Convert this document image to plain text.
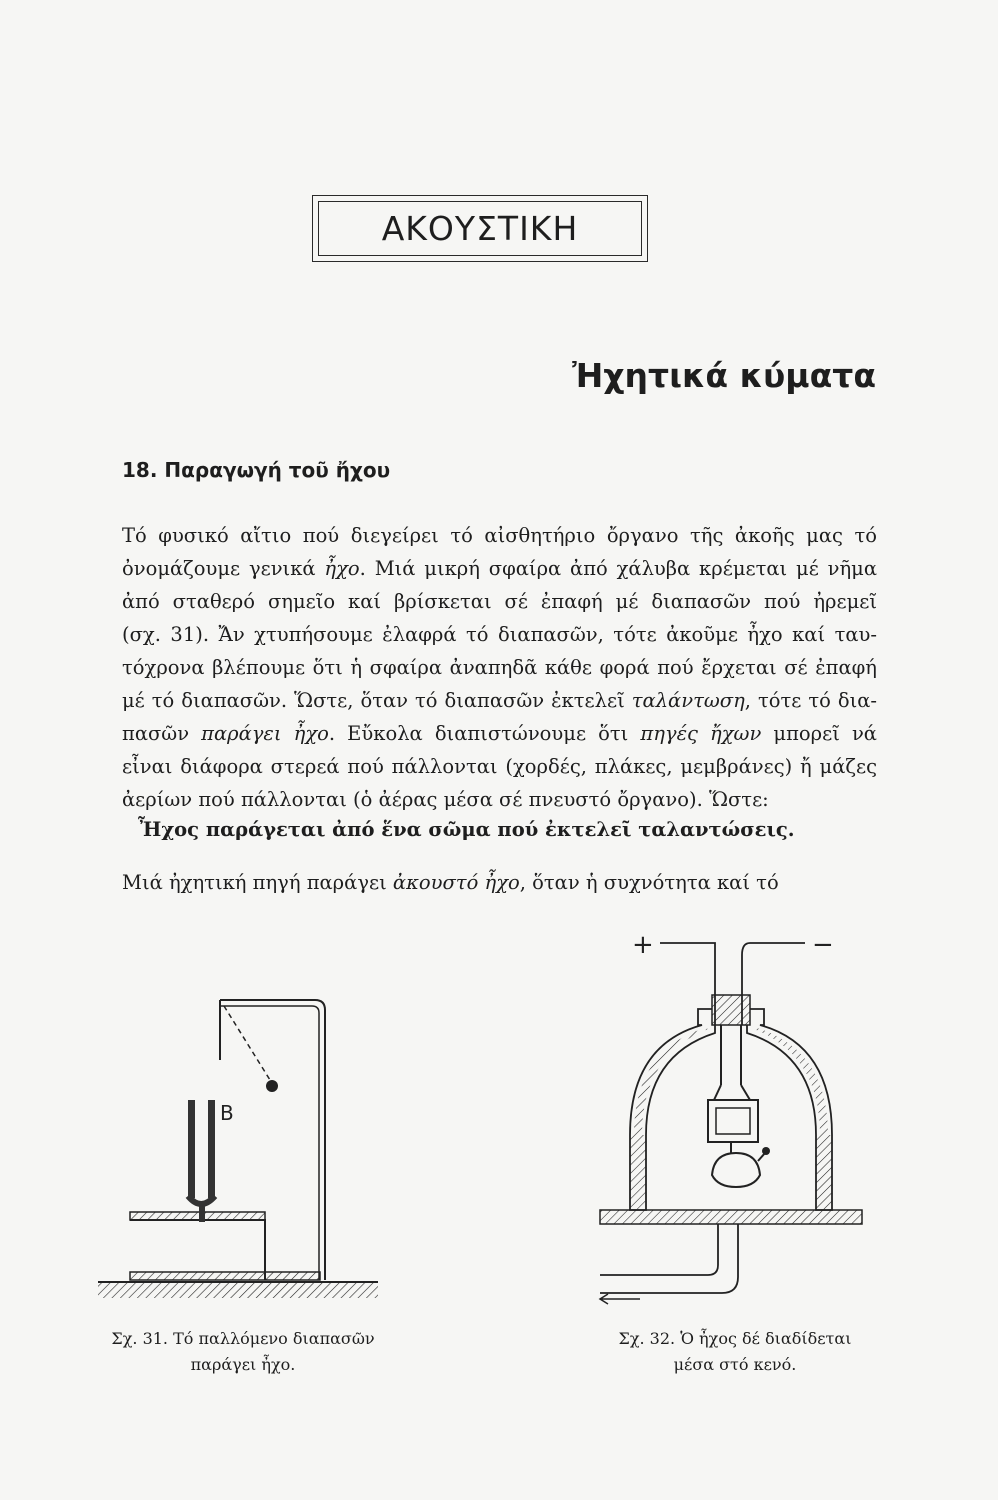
ΑΚΟΥΣΤΙΚΗ
Ἠχητικά κύματα
18. Παραγωγή τοῦ ἤχου
Τό φυσικό αἴτιο πού διεγείρει τό αἰσθητήριο ὄργανο τῆς ἀκοῆς μας τό
ὀνομάζουμε γενικά ἦχο. Μιά μικρή σφαίρα ἀπό χάλυβα κρέμεται μέ νῆμα
ἀπό σταθερό σημεῖο καί βρίσκεται σέ ἐπαφή μέ διαπασῶν πού ἠρεμεῖ
(σχ. 31). Ἄν χτυπήσουμε ἐλαφρά τό διαπασῶν, τότε ἀκοῦμε ἦχο καί ταυ-
τόχρονα βλέπουμε ὅτι ἡ σφαίρα ἀναπηδᾶ κάθε φορά πού ἔρχεται σέ ἐπαφή
μέ τό διαπασῶν. Ὥστε, ὅταν τό διαπασῶν ἐκτελεῖ ταλάντωση, τότε τό δια-
πασῶν παράγει ἦχο. Εὔκολα διαπιστώνουμε ὅτι πηγές ἤχων μπορεῖ νά
εἶναι διάφορα στερεά πού πάλλονται (χορδές, πλάκες, μεμβράνες) ἤ μάζες
ἀερίων πού πάλλονται (ὁ ἀέρας μέσα σέ πνευστό ὄργανο). Ὥστε:
Ἦχος παράγεται ἀπό ἕνα σῶμα πού ἐκτελεῖ ταλαντώσεις.
Μιά ἠχητική πηγή παράγει ἀκουστό ἦχο, ὅταν ἡ συχνότητα καί τό
Β
+	−
Σχ. 31. Τό παλλόμενο διαπασῶν
παράγει ἦχο.
Σχ. 32. Ὁ ἦχος δέ διαδίδεται
μέσα στό κενό.
